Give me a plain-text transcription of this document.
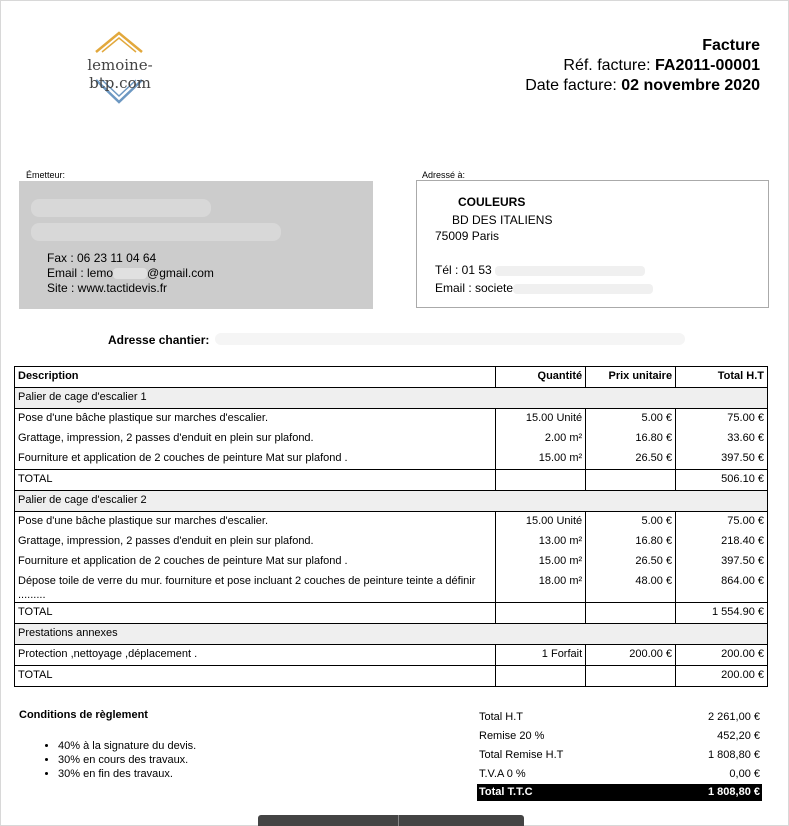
lemoine-btp.com
Facture
Réf. facture: FA2011-00001
Date facture: 02 novembre 2020
Émetteur:
Fax : 06 23 11 04 64
Email : lemo	@gmail.com
Site : www.tactidevis.fr
Adressé à:
COULEURS
BD DES ITALIENS
75009 Paris
Tél : 01 53
Email : societe
Adresse chantier:
Description	Quantité	Prix unitaire	Total H.T
Palier de cage d'escalier 1			
Pose d'une bâche plastique sur marches d'escalier.	15.00 Unité	5.00 €	75.00 €
Grattage, impression, 2 passes d'enduit en plein sur plafond.	2.00 m²	16.80 €	33.60 €
Fourniture et application de 2 couches de peinture Mat sur plafond .	15.00 m²	26.50 €	397.50 €
TOTAL			506.10 €
Palier de cage d'escalier 2			
Pose d'une bâche plastique sur marches d'escalier.	15.00 Unité	5.00 €	75.00 €
Grattage, impression, 2 passes d'enduit en plein sur plafond.	13.00 m²	16.80 €	218.40 €
Fourniture et application de 2 couches de peinture Mat sur plafond .	15.00 m²	26.50 €	397.50 €
Dépose toile de verre du mur. fourniture et pose incluant 2 couches de peinture teinte a définir .........	18.00 m²	48.00 €	864.00 €
TOTAL			1 554.90 €
Prestations annexes			
Protection ,nettoyage ,déplacement .	1 Forfait	200.00 €	200.00 €
TOTAL			200.00 €
Conditions de règlement
• 40% à la signature du devis.
• 30% en cours des travaux.
• 30% en fin des travaux.
Total H.T	2 261,00 €
Remise 20 %	452,20 €
Total Remise H.T	1 808,80 €
T.V.A 0 %	0,00 €
Total T.T.C	1 808,80 €
